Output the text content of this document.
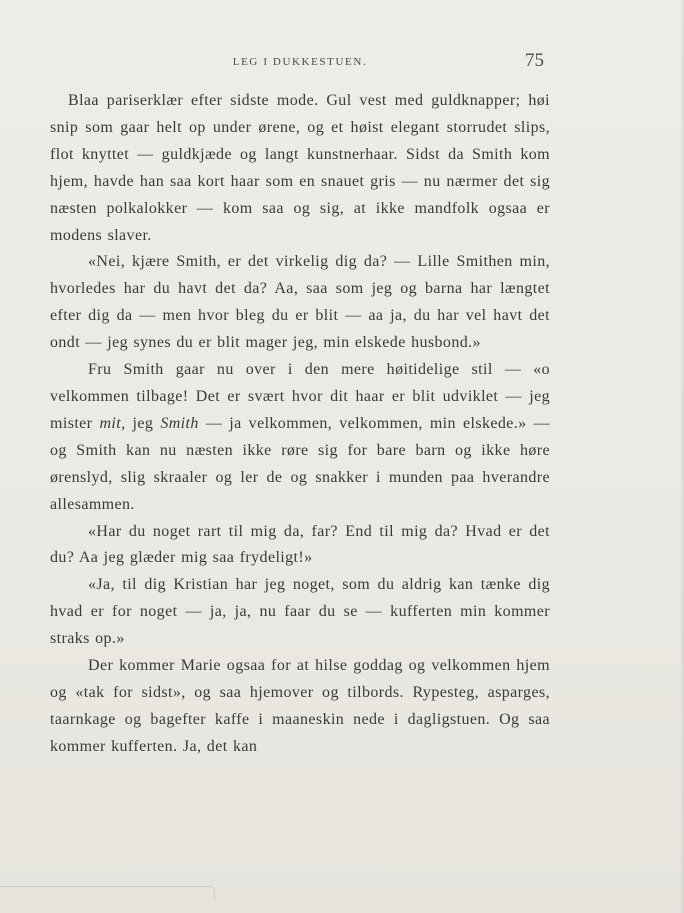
LEG I DUKKESTUEN.	75

Blaa pariserklær efter sidste mode. Gul vest med guldknapper; høi snip som gaar helt op under ørene, og et høist elegant storrudet slips, flot knyttet — guldkjæde og langt kunstnerhaar. Sidst da Smith kom hjem, havde han saa kort haar som en snauet gris — nu nærmer det sig næsten polkalokker — kom saa og sig, at ikke mandfolk ogsaa er modens slaver.

«Nei, kjære Smith, er det virkelig dig da? — Lille Smithen min, hvorledes har du havt det da? Aa, saa som jeg og barna har længtet efter dig da — men hvor bleg du er blit — aa ja, du har vel havt det ondt — jeg synes du er blit mager jeg, min elskede husbond.»

Fru Smith gaar nu over i den mere høitidelige stil — «o velkommen tilbage! Det er svært hvor dit haar er blit udviklet — jeg mister mit, jeg Smith — ja velkommen, velkommen, min elskede.» — og Smith kan nu næsten ikke røre sig for bare barn og ikke høre ørenslyd, slig skraaler og ler de og snakker i munden paa hverandre allesammen.

«Har du noget rart til mig da, far? End til mig da? Hvad er det du? Aa jeg glæder mig saa frydeligt!»

«Ja, til dig Kristian har jeg noget, som du aldrig kan tænke dig hvad er for noget — ja, ja, nu faar du se — kufferten min kommer straks op.»

Der kommer Marie ogsaa for at hilse goddag og velkommen hjem og «tak for sidst», og saa hjemover og tilbords. Rypesteg, asparges, taarnkage og bagefter kaffe i maaneskin nede i dagligstuen. Og saa kommer kufferten. Ja, det kan
